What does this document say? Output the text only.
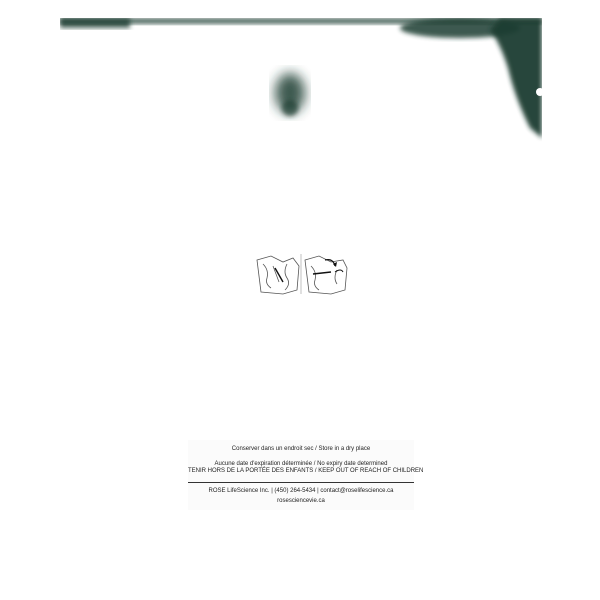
Conserver dans un endroit sec / Store in a dry place
Aucune date d'expiration déterminée / No expiry date determined
TENIR HORS DE LA PORTÉE DES ENFANTS / KEEP OUT OF REACH OF CHILDREN
ROSE LifeScience Inc. | (450) 264-5434 | contact@roselifescience.ca
rosesciencevie.ca
